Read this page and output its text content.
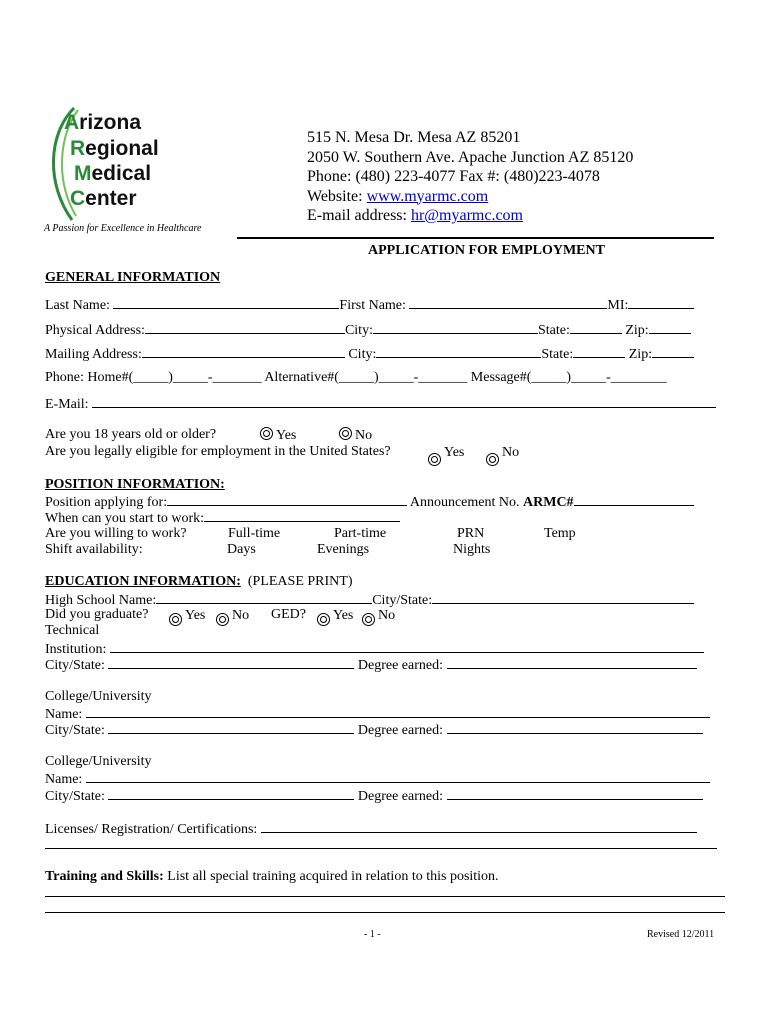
Arizona
Regional
Medical
Center
A Passion for Excellence in Healthcare
515 N. Mesa Dr. Mesa AZ 85201
2050 W. Southern Ave. Apache Junction AZ 85120
Phone: (480) 223-4077 Fax #: (480)223-4078
Website: www.myarmc.com
E-mail address: hr@myarmc.com
APPLICATION FOR EMPLOYMENT
GENERAL INFORMATION
Last Name:	First Name:	MI:
Physical Address:	City:	State:	Zip:
Mailing Address:	City:	State:	Zip:
Phone: Home#(_____)_____-_______ Alternative#(_____)_____-_______ Message#(_____)_____-________
E-Mail:
Are you 18 years old or older?	Yes	No
Are you legally eligible for employment in the United States?	Yes	No
POSITION INFORMATION:
Position applying for:	Announcement No. ARMC#
When can you start to work:
Are you willing to work?	Full-time	Part-time	PRN	Temp
Shift availability:	Days	Evenings	Nights
EDUCATION INFORMATION: (PLEASE PRINT)
High School Name:	City/State:
Did you graduate?	Yes	No GED?	Yes	No
Technical
Institution:
City/State:	Degree earned:
College/University
Name:
City/State:	Degree earned:
College/University
Name:
City/State:	Degree earned:
Licenses/ Registration/ Certifications:
Training and Skills: List all special training acquired in relation to this position.
- 1 -	Revised 12/2011
